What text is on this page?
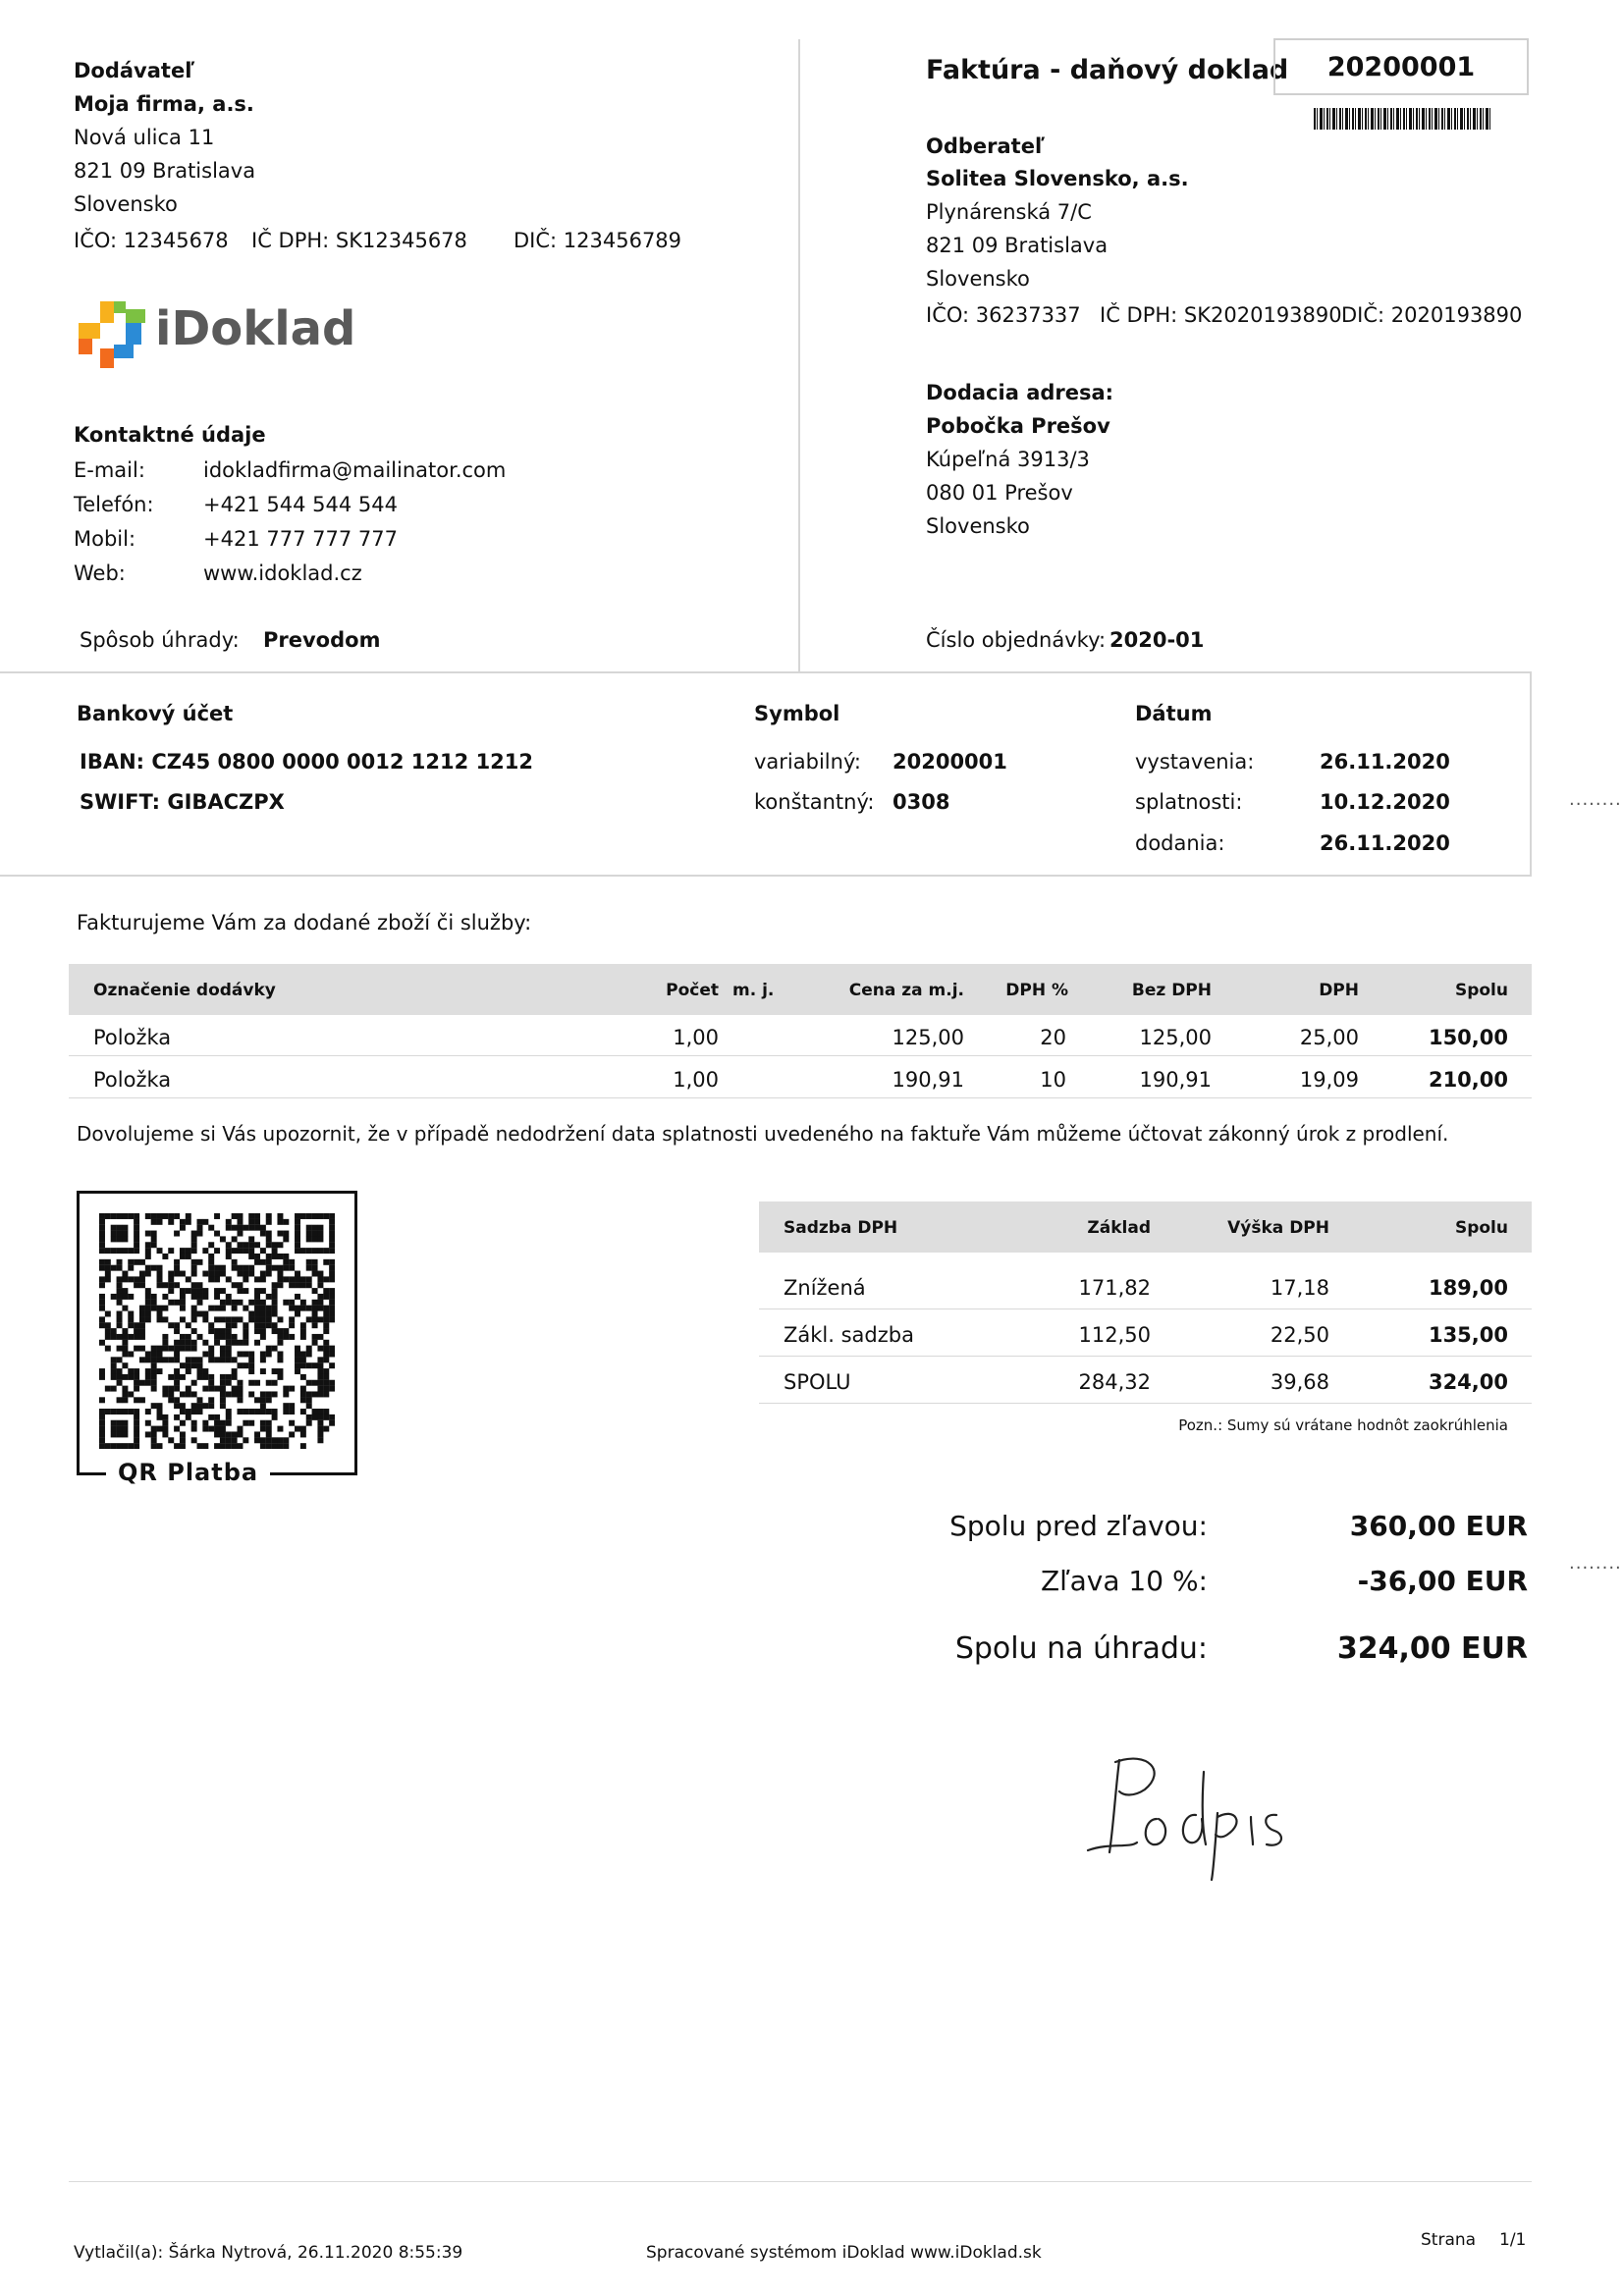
Dodávateľ
Moja firma, a.s.
Nová ulica 11
821 09 Bratislava
Slovensko
IČO: 12345678 IČ DPH: SK12345678 DIČ: 123456789
iDoklad
Kontaktné údaje
E-mail:	idokladfirma@mailinator.com
Telefón: +421 544 544 544
Mobil:	+421 777 777 777
Web:	www.idoklad.cz
Spôsob úhrady: Prevodom	Číslo objednávky: 2020-01
Faktúra - daňový doklad	20200001
Odberateľ
Solitea Slovensko, a.s.
Plynárenská 7/C
821 09 Bratislava
Slovensko
IČO: 36237337 IČ DPH: SK2020193890 DIČ: 2020193890
Dodacia adresa:
Pobočka Prešov
Kúpeľná 3913/3
080 01 Prešov
Slovensko
Bankový účet
IBAN: CZ45 0800 0000 0012 1212 1212
SWIFT: GIBACZPX
Symbol
variabilný: 20200001
konštantný: 0308
Dátum
vystavenia:	26.11.2020
splatnosti:	10.12.2020
dodania:	26.11.2020
........
Fakturujeme Vám za dodané zboží či služby:
Označenie dodávky	Počet m. j.	Cena za m.j.	DPH %	Bez DPH	DPH	Spolu
Položka	1,00	125,00	20	125,00	25,00	150,00
Položka	1,00	190,91	10	190,91	19,09	210,00
Dovolujeme si Vás upozornit, že v případě nedodržení data splatnosti uvedeného na faktuře Vám můžeme účtovat zákonný úrok z prodlení.
QR Platba
Sadzba DPH	Základ	Výška DPH	Spolu
Znížená	171,82	17,18	189,00
Zákl. sadzba	112,50	22,50	135,00
SPOLU	284,32	39,68	324,00
Pozn.: Sumy sú vrátane hodnôt zaokrúhlenia
Spolu pred zľavou:	360,00 EUR
Zľava 10 %:	-36,00 EUR
Spolu na úhradu:	324,00 EUR
........
Vytlačil(a): Šárka Nytrová, 26.11.2020 8:55:39	Spracované systémom iDoklad www.iDoklad.sk
Strana 1/1
